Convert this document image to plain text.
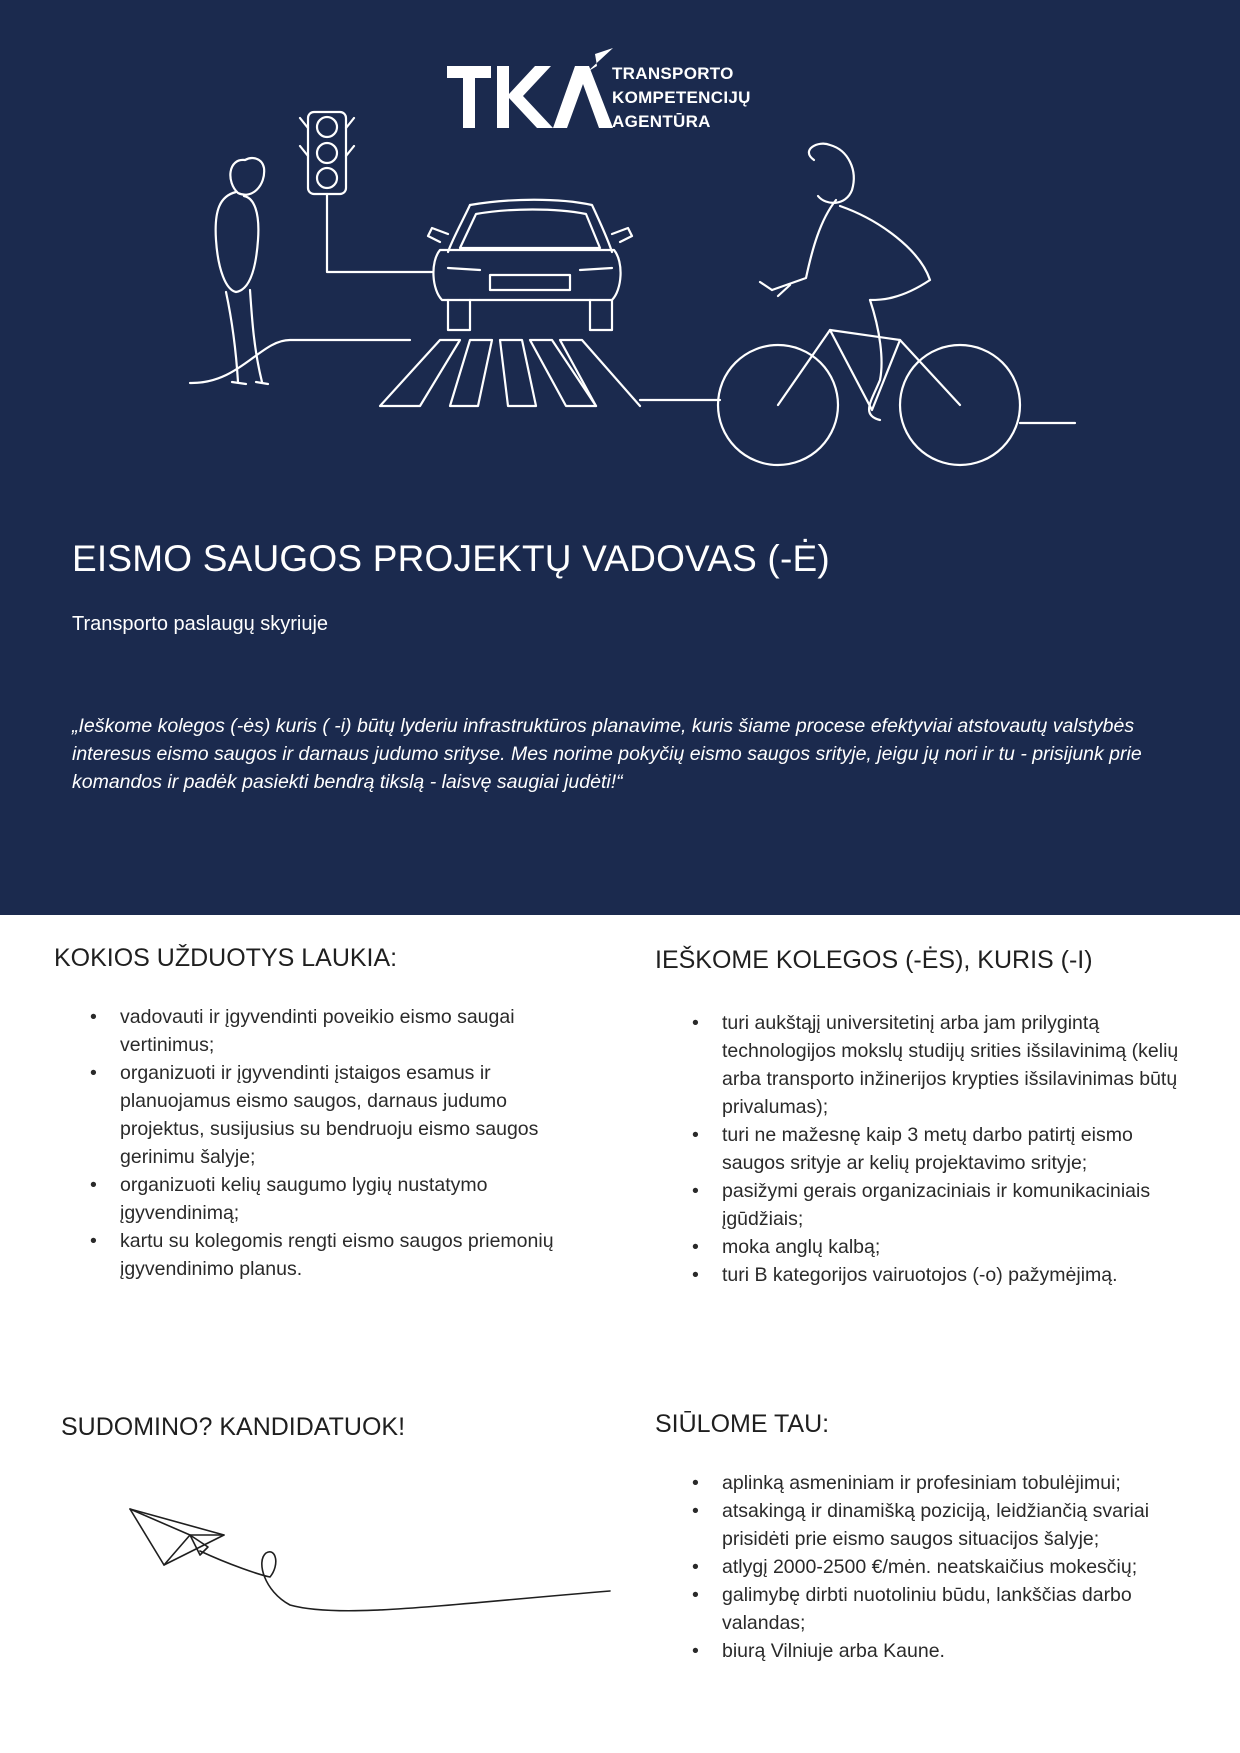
TRANSPORTO
KOMPETENCIJŲ
AGENTŪRA
EISMO SAUGOS PROJEKTŲ VADOVAS (-Ė)
Transporto paslaugų skyriuje
„Ieškome kolegos (-ės) kuris ( -i) būtų lyderiu infrastruktūros planavime, kuris šiame procese efektyviai atstovautų valstybės interesus eismo saugos ir darnaus judumo srityse. Mes norime pokyčių eismo saugos srityje, jeigu jų nori ir tu - prisijunk prie komandos ir padėk pasiekti bendrą tikslą - laisvę saugiai judėti!“
KOKIOS UŽDUOTYS LAUKIA:
• vadovauti ir įgyvendinti poveikio eismo saugai vertinimus;
• organizuoti ir įgyvendinti įstaigos esamus ir planuojamus eismo saugos, darnaus judumo projektus, susijusius su bendruoju eismo saugos gerinimu šalyje;
• organizuoti kelių saugumo lygių nustatymo įgyvendinimą;
• kartu su kolegomis rengti eismo saugos priemonių įgyvendinimo planus.
IEŠKOME KOLEGOS (-ĖS), KURIS (-I)
• turi aukštąjį universitetinį arba jam prilygintą technologijos mokslų studijų srities išsilavinimą (kelių arba transporto inžinerijos krypties išsilavinimas būtų privalumas);
• turi ne mažesnę kaip 3 metų darbo patirtį eismo saugos srityje ar kelių projektavimo srityje;
• pasižymi gerais organizaciniais ir komunikaciniais įgūdžiais;
• moka anglų kalbą;
• turi B kategorijos vairuotojos (-o) pažymėjimą.
SUDOMINO? KANDIDATUOK!	SIŪLOME TAU:
• aplinką asmeniniam ir profesiniam tobulėjimui;
• atsakingą ir dinamišką poziciją, leidžiančią svariai prisidėti prie eismo saugos situacijos šalyje;
• atlygį 2000-2500 €/mėn. neatskaičius mokesčių;
• galimybę dirbti nuotoliniu būdu, lankščias darbo valandas;
• biurą Vilniuje arba Kaune.
